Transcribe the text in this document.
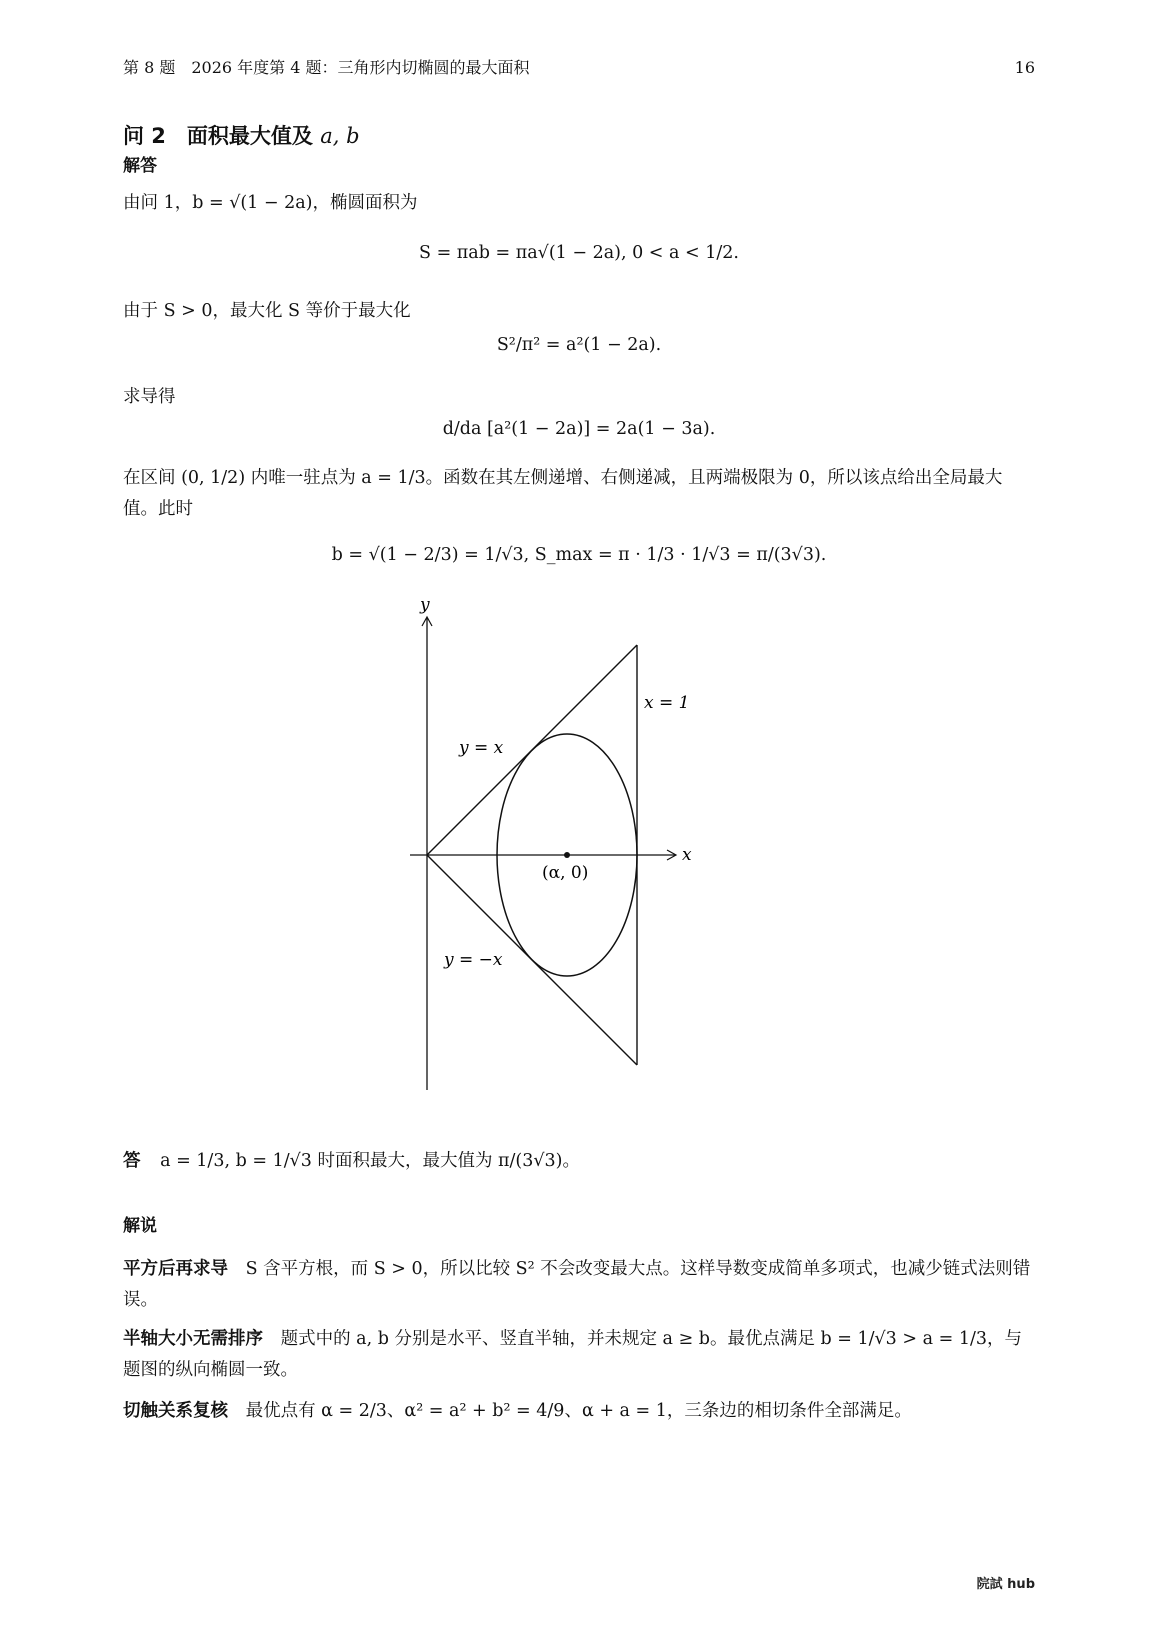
第 8 题　2026 年度第 4 题：三角形内切椭圆的最大面积	16
问 2　面积最大值及 a, b
解答
由问 1，b = √(1 − 2a)，椭圆面积为
S = πab = πa√(1 − 2a), 0 < a < 1/2.
由于 S > 0，最大化 S 等价于最大化
S²/π² = a²(1 − 2a).
求导得
d/da [a²(1 − 2a)] = 2a(1 − 3a).
在区间 (0, 1/2) 内唯一驻点为 a = 1/3。函数在其左侧递增、右侧递减，且两端极限为 0，所以该点给出全局最大值。此时
b = √(1 − 2/3) = 1/√3, S_max = π · 1/3 · 1/√3 = π/(3√3).
y
x
x = 1
y = x
y = −x
(α, 0)
答 a = 1/3, b = 1/√3 时面积最大，最大值为 π/(3√3)。
解说
平方后再求导 S 含平方根，而 S > 0，所以比较 S² 不会改变最大点。这样导数变成简单多项式，也减少链式法则错误。
半轴大小无需排序 题式中的 a, b 分别是水平、竖直半轴，并未规定 a ≥ b。最优点满足 b = 1/√3 > a = 1/3，与题图的纵向椭圆一致。
切触关系复核 最优点有 α = 2/3、α² = a² + b² = 4/9、α + a = 1，三条边的相切条件全部满足。
院試 hub
